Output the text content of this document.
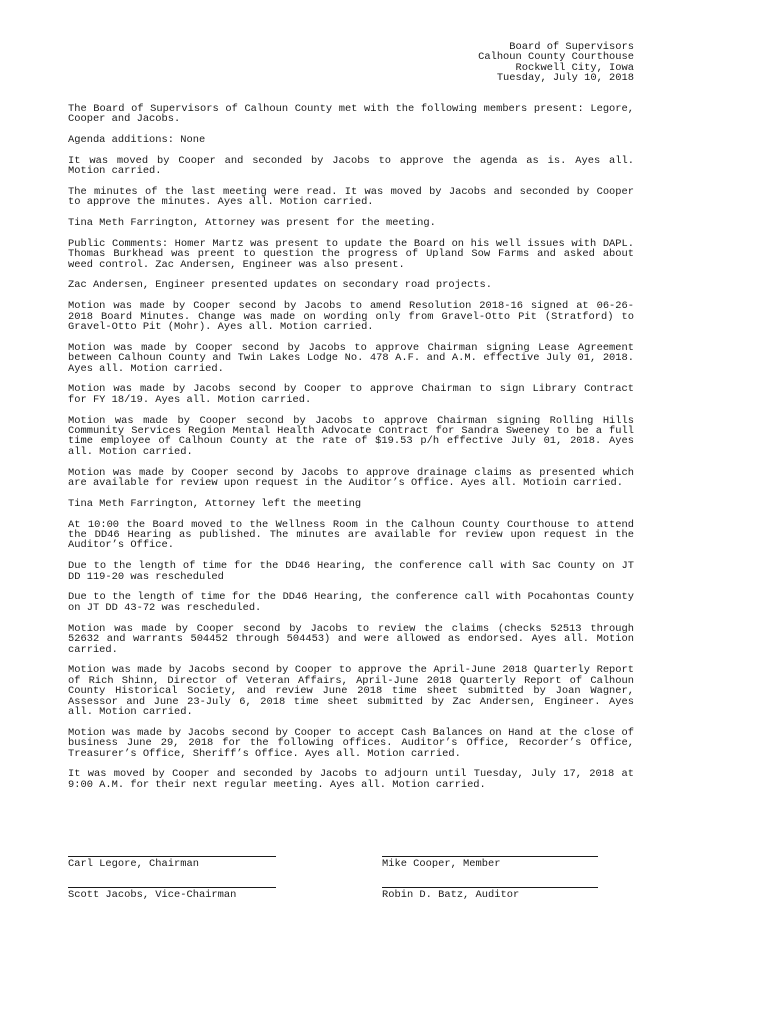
Board of Supervisors
Calhoun County Courthouse
Rockwell City, Iowa
Tuesday, July 10, 2018

The Board of Supervisors of Calhoun County met with the following members present: Legore, Cooper and Jacobs.

Agenda additions: None

It was moved by Cooper and seconded by Jacobs to approve the agenda as is. Ayes all. Motion carried.

The minutes of the last meeting were read. It was moved by Jacobs and seconded by Cooper to approve the minutes. Ayes all. Motion carried.

Tina Meth Farrington, Attorney was present for the meeting.

Public Comments: Homer Martz was present to update the Board on his well issues with DAPL. Thomas Burkhead was preent to question the progress of Upland Sow Farms and asked about weed control. Zac Andersen, Engineer was also present.

Zac Andersen, Engineer presented updates on secondary road projects.

Motion was made by Cooper second by Jacobs to amend Resolution 2018-16 signed at 06-26-2018 Board Minutes. Change was made on wording only from Gravel-Otto Pit (Stratford) to Gravel-Otto Pit (Mohr). Ayes all. Motion carried.

Motion was made by Cooper second by Jacobs to approve Chairman signing Lease Agreement between Calhoun County and Twin Lakes Lodge No. 478 A.F. and A.M. effective July 01, 2018. Ayes all. Motion carried.

Motion was made by Jacobs second by Cooper to approve Chairman to sign Library Contract for FY 18/19. Ayes all. Motion carried.

Motion was made by Cooper second by Jacobs to approve Chairman signing Rolling Hills Community Services Region Mental Health Advocate Contract for Sandra Sweeney to be a full time employee of Calhoun County at the rate of $19.53 p/h effective July 01, 2018. Ayes all. Motion carried.

Motion was made by Cooper second by Jacobs to approve drainage claims as presented which are available for review upon request in the Auditor’s Office. Ayes all. Motioin carried.

Tina Meth Farrington, Attorney left the meeting

At 10:00 the Board moved to the Wellness Room in the Calhoun County Courthouse to attend the DD46 Hearing as published. The minutes are available for review upon request in the Auditor’s Office.

Due to the length of time for the DD46 Hearing, the conference call with Sac County on JT DD 119-20 was rescheduled

Due to the length of time for the DD46 Hearing, the conference call with Pocahontas County on JT DD 43-72 was rescheduled.

Motion was made by Cooper second by Jacobs to review the claims (checks 52513 through 52632 and warrants 504452 through 504453) and were allowed as endorsed. Ayes all. Motion carried.

Motion was made by Jacobs second by Cooper to approve the April-June 2018 Quarterly Report of Rich Shinn, Director of Veteran Affairs, April-June 2018 Quarterly Report of Calhoun County Historical Society, and review June 2018 time sheet submitted by Joan Wagner, Assessor and June 23-July 6, 2018 time sheet submitted by Zac Andersen, Engineer. Ayes all. Motion carried.

Motion was made by Jacobs second by Cooper to accept Cash Balances on Hand at the close of business June 29, 2018 for the following offices. Auditor’s Office, Recorder’s Office, Treasurer’s Office, Sheriff’s Office. Ayes all. Motion carried.

It was moved by Cooper and seconded by Jacobs to adjourn until Tuesday, July 17, 2018 at 9:00 A.M. for their next regular meeting. Ayes all. Motion carried.

Carl Legore, Chairman	Mike Cooper, Member
Scott Jacobs, Vice-Chairman	Robin D. Batz, Auditor
